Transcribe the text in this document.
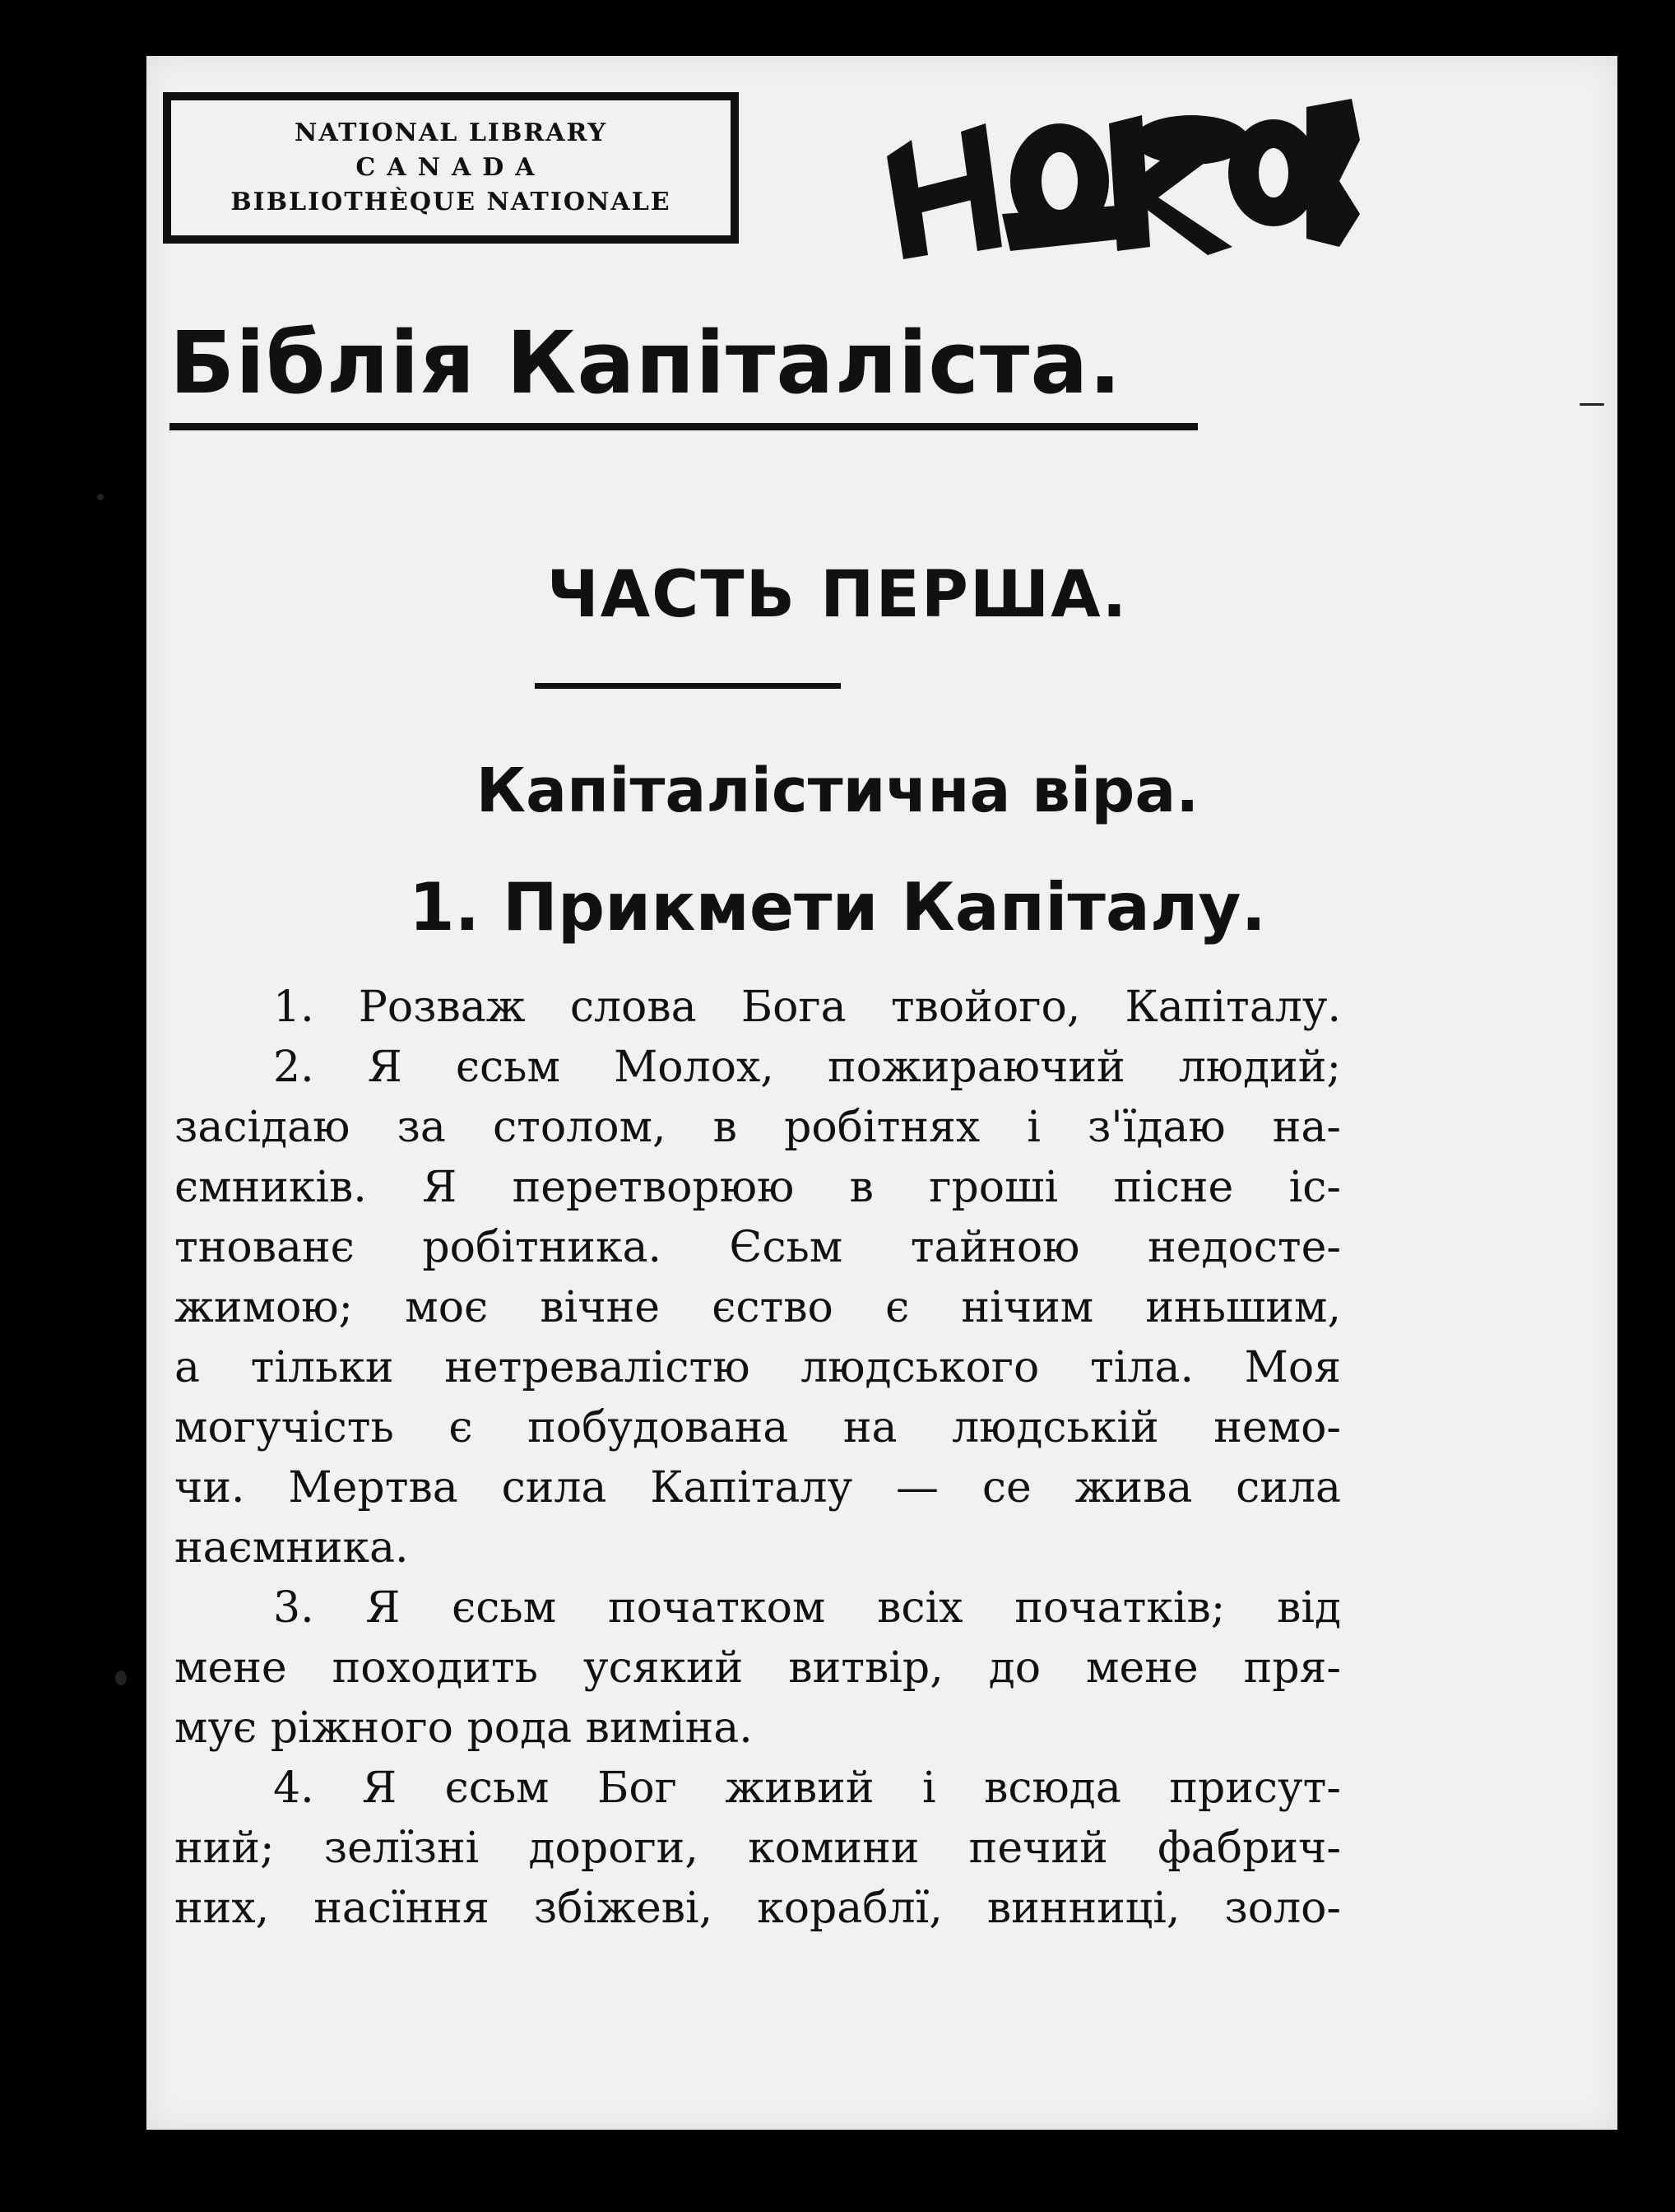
NATIONAL LIBRARY
CANADA
BIBLIOTHÈQUE NATIONALE
Біблія Капіталіста.
ЧАСТЬ ПЕРША.
Капіталістична віра.
1. Прикмети Капіталу.
1. Розваж слова Бога твойого, Капіталу.
2. Я єсьм Молох, пожираючий людий;
засідаю за столом, в робітнях і з'їдаю на-
ємників. Я перетворюю в гроші пісне іс-
тнованє робітника. Єсьм тайною недосте-
жимою; моє вічне єство є нічим иньшим,
а тільки нетревалістю людського тіла. Моя
могучість є побудована на людській немо-
чи. Мертва сила Капіталу — се жива сила
наємника.
3. Я єсьм початком всіх початків; від
мене походить усякий витвір, до мене пря-
мує ріжного рода вимiна.
4. Я єсьм Бог живий і всюда присут-
ний; зелїзні дороги, комини печий фабрич-
них, насїння збіжеві, кораблї, винниці, золо-
